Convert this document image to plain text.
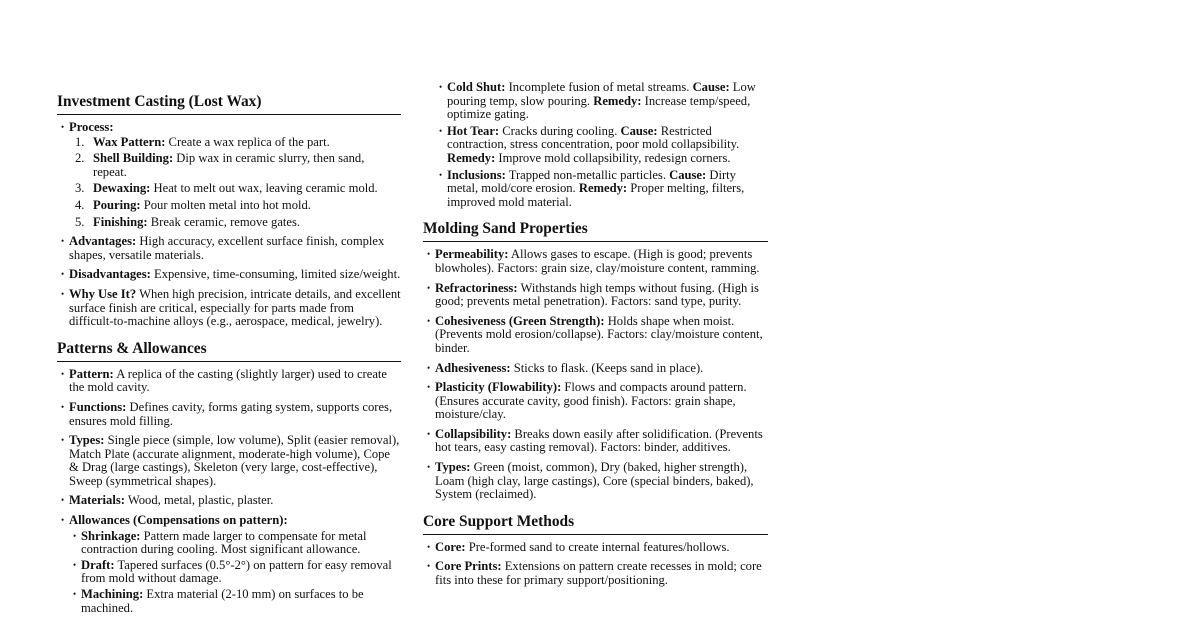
Investment Casting (Lost Wax)
• Process:
1. Wax Pattern: Create a wax replica of the part.
2. Shell Building: Dip wax in ceramic slurry, then sand, repeat.
3. Dewaxing: Heat to melt out wax, leaving ceramic mold.
4. Pouring: Pour molten metal into hot mold.
5. Finishing: Break ceramic, remove gates.
• Advantages: High accuracy, excellent surface finish, complex shapes, versatile materials.
• Disadvantages: Expensive, time-consuming, limited size/weight.
• Why Use It? When high precision, intricate details, and excellent surface finish are critical, especially for parts made from difficult-to-machine alloys (e.g., aerospace, medical, jewelry).
Patterns & Allowances
• Pattern: A replica of the casting (slightly larger) used to create the mold cavity.
• Functions: Defines cavity, forms gating system, supports cores, ensures mold filling.
• Types: Single piece (simple, low volume), Split (easier removal), Match Plate (accurate alignment, moderate-high volume), Cope & Drag (large castings), Skeleton (very large, cost-effective), Sweep (symmetrical shapes).
• Materials: Wood, metal, plastic, plaster.
• Allowances (Compensations on pattern):
• Shrinkage: Pattern made larger to compensate for metal contraction during cooling. Most significant allowance.
• Draft: Tapered surfaces (0.5°-2°) on pattern for easy removal from mold without damage.
• Machining: Extra material (2-10 mm) on surfaces to be machined.
• Cold Shut: Incomplete fusion of metal streams. Cause: Low pouring temp, slow pouring. Remedy: Increase temp/speed, optimize gating.
• Hot Tear: Cracks during cooling. Cause: Restricted contraction, stress concentration, poor mold collapsibility. Remedy: Improve mold collapsibility, redesign corners.
• Inclusions: Trapped non-metallic particles. Cause: Dirty metal, mold/core erosion. Remedy: Proper melting, filters, improved mold material.
Molding Sand Properties
• Permeability: Allows gases to escape. (High is good; prevents blowholes). Factors: grain size, clay/moisture content, ramming.
• Refractoriness: Withstands high temps without fusing. (High is good; prevents metal penetration). Factors: sand type, purity.
• Cohesiveness (Green Strength): Holds shape when moist. (Prevents mold erosion/collapse). Factors: clay/moisture content, binder.
• Adhesiveness: Sticks to flask. (Keeps sand in place).
• Plasticity (Flowability): Flows and compacts around pattern. (Ensures accurate cavity, good finish). Factors: grain shape, moisture/clay.
• Collapsibility: Breaks down easily after solidification. (Prevents hot tears, easy casting removal). Factors: binder, additives.
• Types: Green (moist, common), Dry (baked, higher strength), Loam (high clay, large castings), Core (special binders, baked), System (reclaimed).
Core Support Methods
• Core: Pre-formed sand to create internal features/hollows.
• Core Prints: Extensions on pattern create recesses in mold; core fits into these for primary support/positioning.
